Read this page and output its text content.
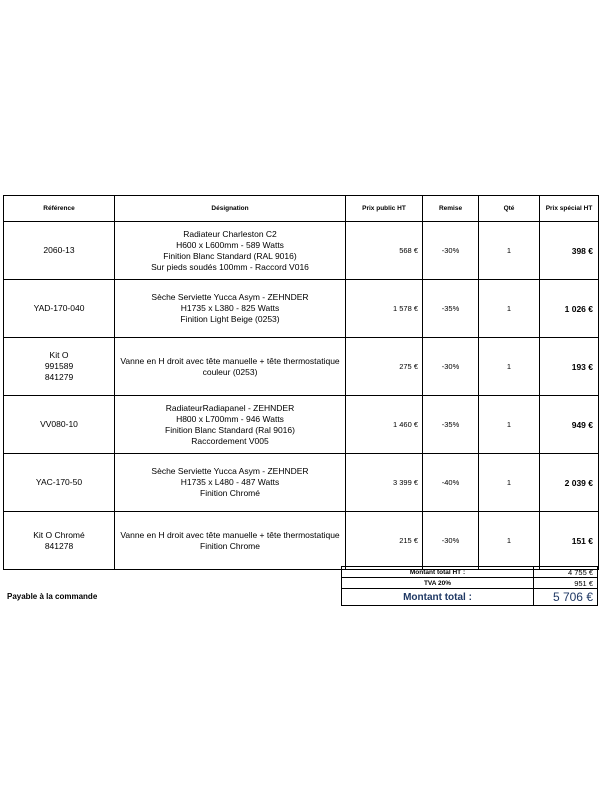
Référence	Désignation	Prix public HT	Remise	Qté	Prix spécial HT

2060-13	Radiateur Charleston C2
H600 x L600mm - 589 Watts
Finition Blanc Standard (RAL 9016)
Sur pieds soudés 100mm - Raccord V016	568 €	-30%	1	398 €

YAD-170-040	Sèche Serviette Yucca Asym - ZEHNDER
H1735 x L380 - 825 Watts
Finition Light Beige (0253)	1 578 €	-35%	1	1 026 €

Kit O
991589
841279	Vanne en H droit avec tête manuelle + tête thermostatique
couleur (0253)	275 €	-30%	1	193 €

VV080-10	RadiateurRadiapanel - ZEHNDER
H800 x L700mm - 946 Watts
Finition Blanc Standard (Ral 9016)
Raccordement V005	1 460 €	-35%	1	949 €

YAC-170-50	Sèche Serviette Yucca Asym - ZEHNDER
H1735 x L480 - 487 Watts
Finition Chromé	3 399 €	-40%	1	2 039 €

Kit O Chromé
841278	Vanne en H droit avec tête manuelle + tête thermostatique
Finition Chrome	215 €	-30%	1	151 €
Montant total HT :	4 755 €
TVA 20%	951 €
Montant total :	5 706 €
Payable à la commande
